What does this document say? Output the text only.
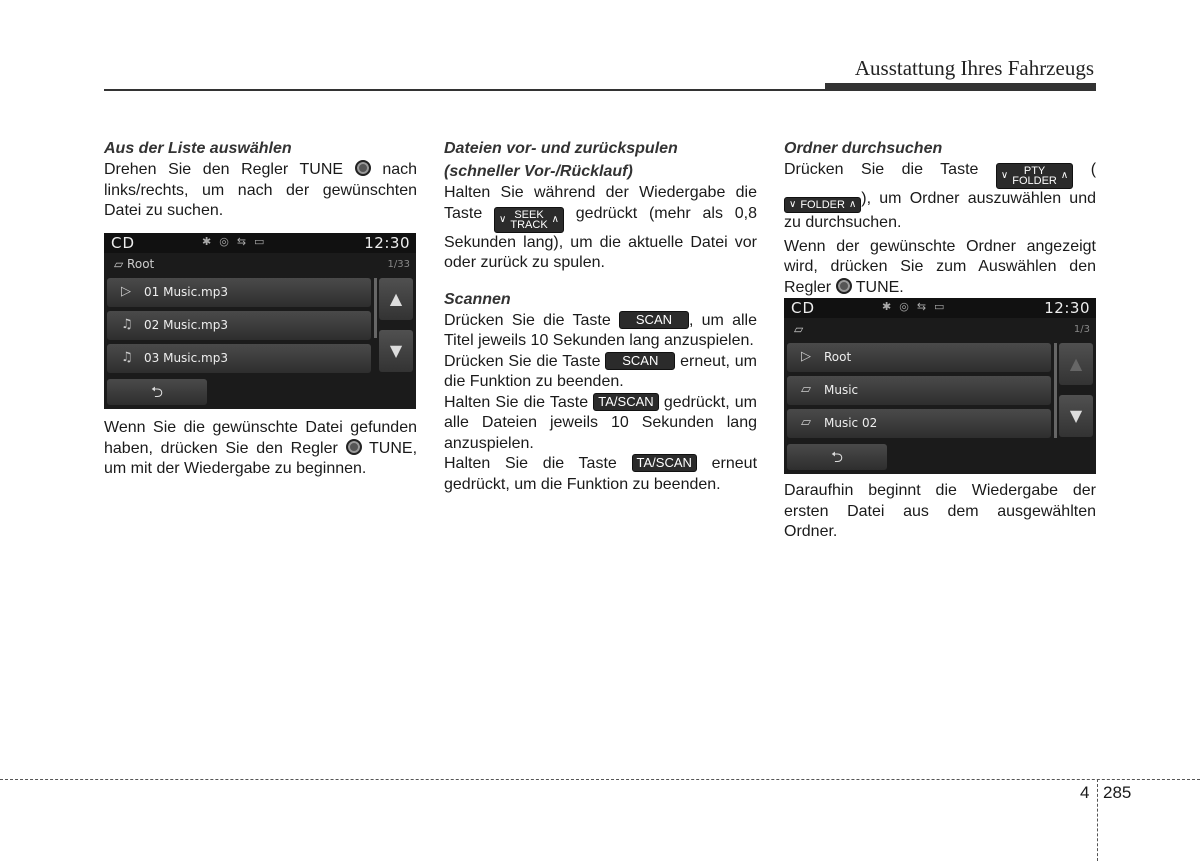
Ausstattung Ihres Fahrzeugs
Aus der Liste auswählen

Drehen Sie den Regler TUNE nach links/rechts, um nach der gewünschten Datei zu suchen.

CD	✱◎⇆▭	12:30
▱ Root	1/33
▷ 01 Music.mp3
♫ 02 Music.mp3
♫ 03 Music.mp3
▲
▼
⮌

Wenn Sie die gewünschte Datei gefunden haben, drücken Sie den Regler TUNE, um mit der Wiedergabe zu beginnen.

Dateien vor- und zurückspulen (schneller Vor-/Rücklauf)

Halten Sie während der Wiedergabe die Taste ∨ SEEK
TRACK ∧ gedrückt (mehr als 0,8 Sekunden lang), um die aktuelle Datei vor oder zurück zu spulen.

Scannen

Drücken Sie die Taste SCAN , um alle Titel jeweils 10 Sekunden lang anzuspielen.

Drücken Sie die Taste SCAN erneut, um die Funktion zu beenden.

Halten Sie die Taste TA/SCAN gedrückt, um alle Dateien jeweils 10 Sekunden lang anzuspielen.

Halten Sie die Taste TA/SCAN erneut gedrückt, um die Funktion zu beenden.

Ordner durchsuchen

Drücken Sie die Taste ∨	PTY
FOLDER ∧ (
∨ FOLDER ∧ ), um Ordner auszuwählen und zu durchsuchen.

Wenn der gewünschte Ordner angezeigt wird, drücken Sie zum Auswählen den Regler TUNE.

CD	✱◎⇆▭	12:30
▱	1/3
▷ Root
▱ Music
▱ Music 02
▲
▼
⮌

Daraufhin beginnt die Wiedergabe der ersten Datei aus dem ausgewählten Ordner.

4 285
